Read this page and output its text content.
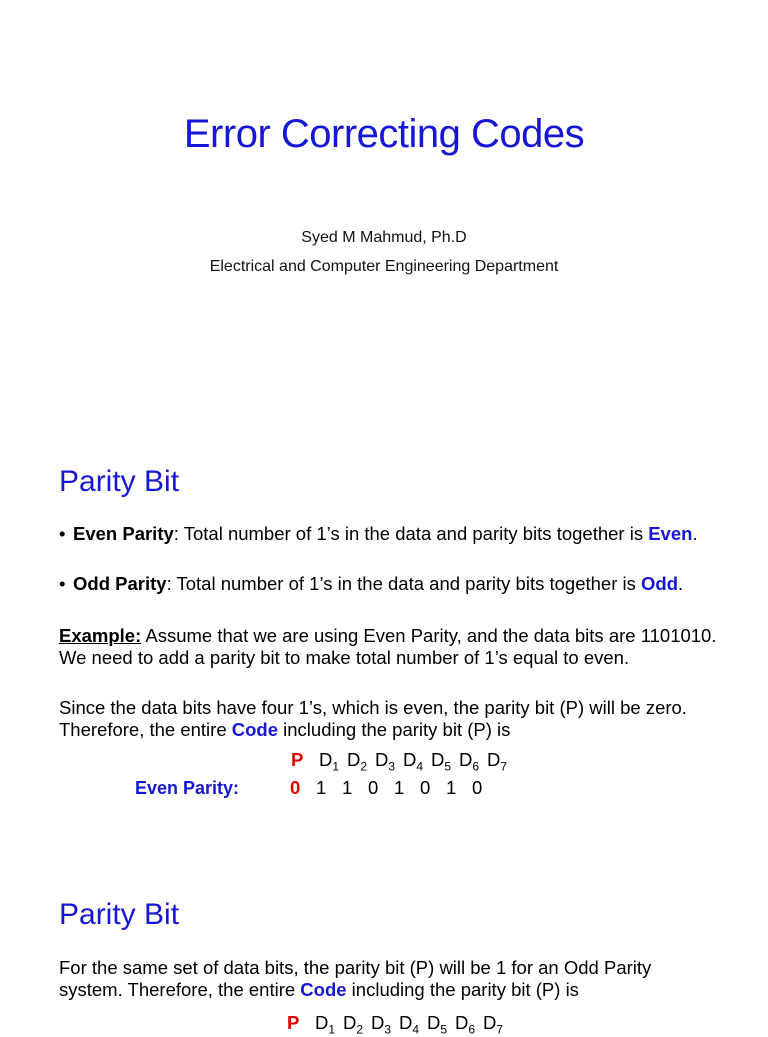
Error Correcting Codes
Syed M Mahmud, Ph.D
Electrical and Computer Engineering Department
Parity Bit
• Even Parity: Total number of 1’s in the data and parity bits together is Even.
• Odd Parity: Total number of 1’s in the data and parity bits together is Odd.
Example: Assume that we are using Even Parity, and the data bits are 1101010. We need to add a parity bit to make total number of 1’s equal to even.
Since the data bits have four 1’s, which is even, the parity bit (P) will be zero. Therefore, the entire Code including the parity bit (P) is
P $D_1$ $D_2$ $D_3$ $D_4$ $D_5$ $D_6$ $D_7$
Even Parity:	0 1 1 0 1 0 1 0
Parity Bit
For the same set of data bits, the parity bit (P) will be 1 for an Odd Parity system. Therefore, the entire Code including the parity bit (P) is
P $D_1$ $D_2$ $D_3$ $D_4$ $D_5$ $D_6$ $D_7$
